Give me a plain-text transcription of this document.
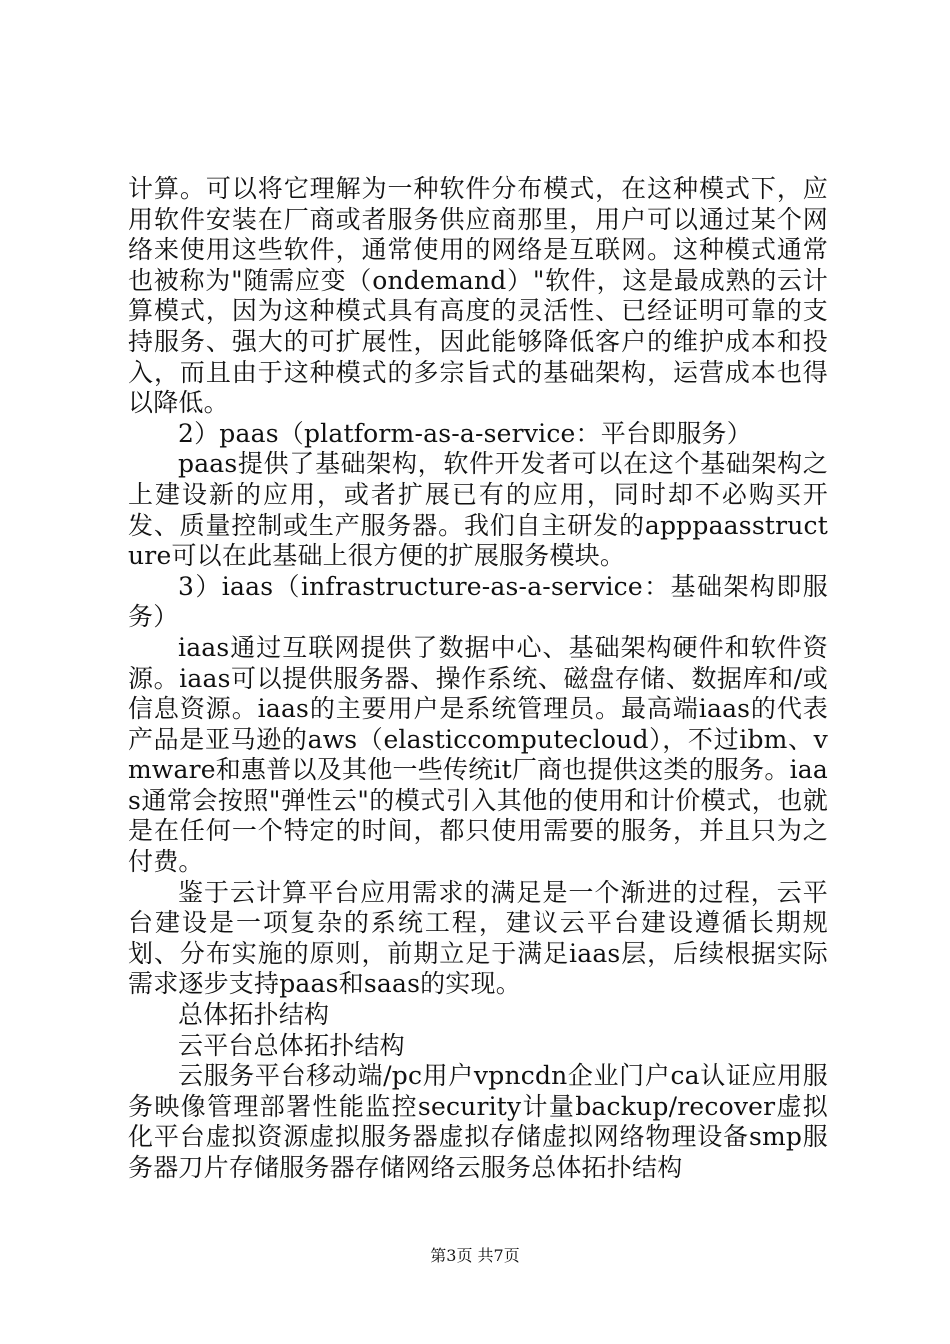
计算。可以将它理解为一种软件分布模式，在这种模式下，应用软件安装在厂商或者服务供应商那里，用户可以通过某个网络来使用这些软件，通常使用的网络是互联网。这种模式通常也被称为"随需应变（ondemand）"软件，这是最成熟的云计算模式，因为这种模式具有高度的灵活性、已经证明可靠的支持服务、强大的可扩展性，因此能够降低客户的维护成本和投入，而且由于这种模式的多宗旨式的基础架构，运营成本也得以降低。

2）paas（platform-as-a-service：平台即服务）

paas提供了基础架构，软件开发者可以在这个基础架构之上建设新的应用，或者扩展已有的应用，同时却不必购买开发、质量控制或生产服务器。我们自主研发的apppaasstructure可以在此基础上很方便的扩展服务模块。

3）iaas（infrastructure-as-a-service：基础架构即服务）

iaas通过互联网提供了数据中心、基础架构硬件和软件资源。iaas可以提供服务器、操作系统、磁盘存储、数据库和/或信息资源。iaas的主要用户是系统管理员。最高端iaas的代表产品是亚马逊的aws（elasticcomputecloud），不过ibm、vmware和惠普以及其他一些传统it厂商也提供这类的服务。iaas通常会按照"弹性云"的模式引入其他的使用和计价模式，也就是在任何一个特定的时间，都只使用需要的服务，并且只为之付费。

鉴于云计算平台应用需求的满足是一个渐进的过程，云平台建设是一项复杂的系统工程，建议云平台建设遵循长期规划、分布实施的原则，前期立足于满足iaas层，后续根据实际需求逐步支持paas和saas的实现。

总体拓扑结构

云平台总体拓扑结构

云服务平台移动端/pc用户vpncdn企业门户ca认证应用服务映像管理部署性能监控security计量backup/recover虚拟化平台虚拟资源虚拟服务器虚拟存储虚拟网络物理设备smp服务器刀片存储服务器存储网络云服务总体拓扑结构

第3页 共7页
